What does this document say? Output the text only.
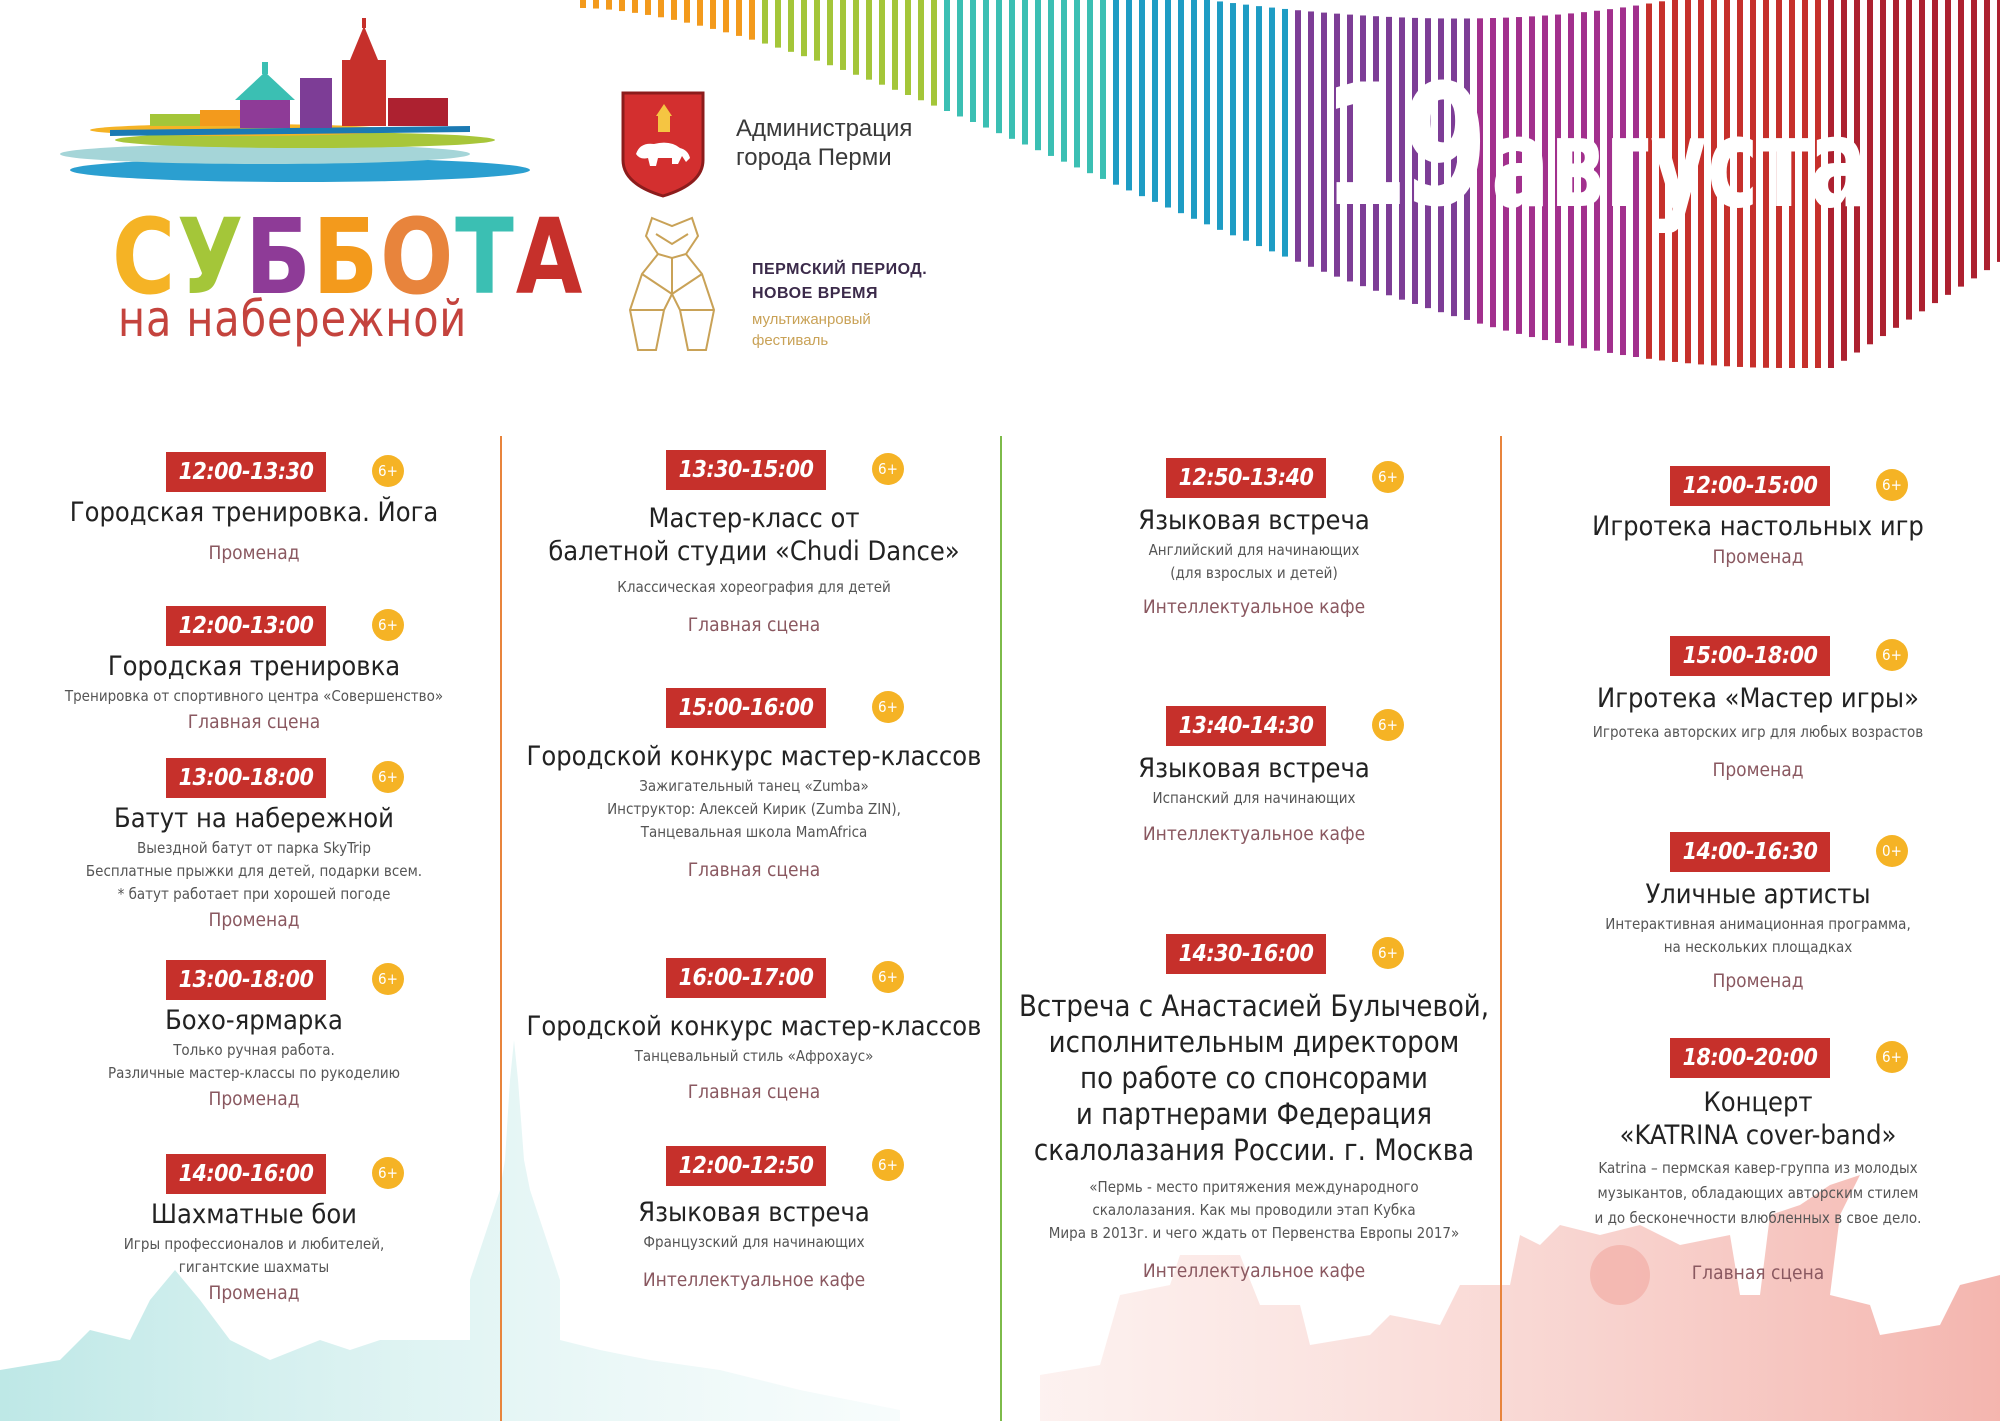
19 августа
СУББОТА
на набережной
Администрация
города Перми
ПЕРМСКИЙ ПЕРИОД.
НОВОЕ ВРЕМЯ
мультижанровый
фестиваль
12:00-13:30	6+
Городская тренировка. Йога
Променад
12:00-13:00	6+
Городская тренировка
Тренировка от спортивного центра «Совершенство»
Главная сцена
13:00-18:00	6+
Батут на набережной
Выездной батут от парка SkyTrip
Бесплатные прыжки для детей, подарки всем.
* батут работает при хорошей погоде
Променад
13:00-18:00	6+
Бохо-ярмарка
Только ручная работа.
Различные мастер-классы по рукоделию
Променад
14:00-16:00	6+
Шахматные бои
Игры профессионалов и любителей,
гигантские шахматы
Променад
13:30-15:00	6+
Мастер-класс от
балетной студии «Chudi Dance»
Классическая хореография для детей
Главная сцена
15:00-16:00	6+
Городской конкурс мастер-классов
Зажигательный танец «Zumba»
Инструктор: Алексей Кирик (Zumba ZIN),
Танцевальная школа MamAfrica
Главная сцена
16:00-17:00	6+
Городской конкурс мастер-классов
Танцевальный стиль «Афрохаус»
Главная сцена
12:00-12:50	6+
Языковая встреча
Французский для начинающих
Интеллектуальное кафе
12:50-13:40	6+
Языковая встреча
Английский для начинающих
(для взрослых и детей)
Интеллектуальное кафе
13:40-14:30	6+
Языковая встреча
Испанский для начинающих
Интеллектуальное кафе
14:30-16:00	6+
Встреча с Анастасией Булычевой,
исполнительным директором
по работе со спонсорами
и партнерами Федерация
скалолазания России. г. Москва
«Пермь - место притяжения международного
скалолазания. Как мы проводили этап Кубка
Мира в 2013г. и чего ждать от Первенства Европы 2017»
Интеллектуальное кафе
12:00-15:00	6+
Игротека настольных игр
Променад
15:00-18:00	6+
Игротека «Мастер игры»
Игротека авторских игр для любых возрастов
Променад
14:00-16:30	0+
Уличные артисты
Интерактивная анимационная программа,
на нескольких площадках
Променад
18:00-20:00	6+
Концерт
«KATRINA cover-band»
Katrina – пермская кавер-группа из молодых
музыкантов, обладающих авторским стилем
и до бесконечности влюбленных в свое дело.
Главная сцена
